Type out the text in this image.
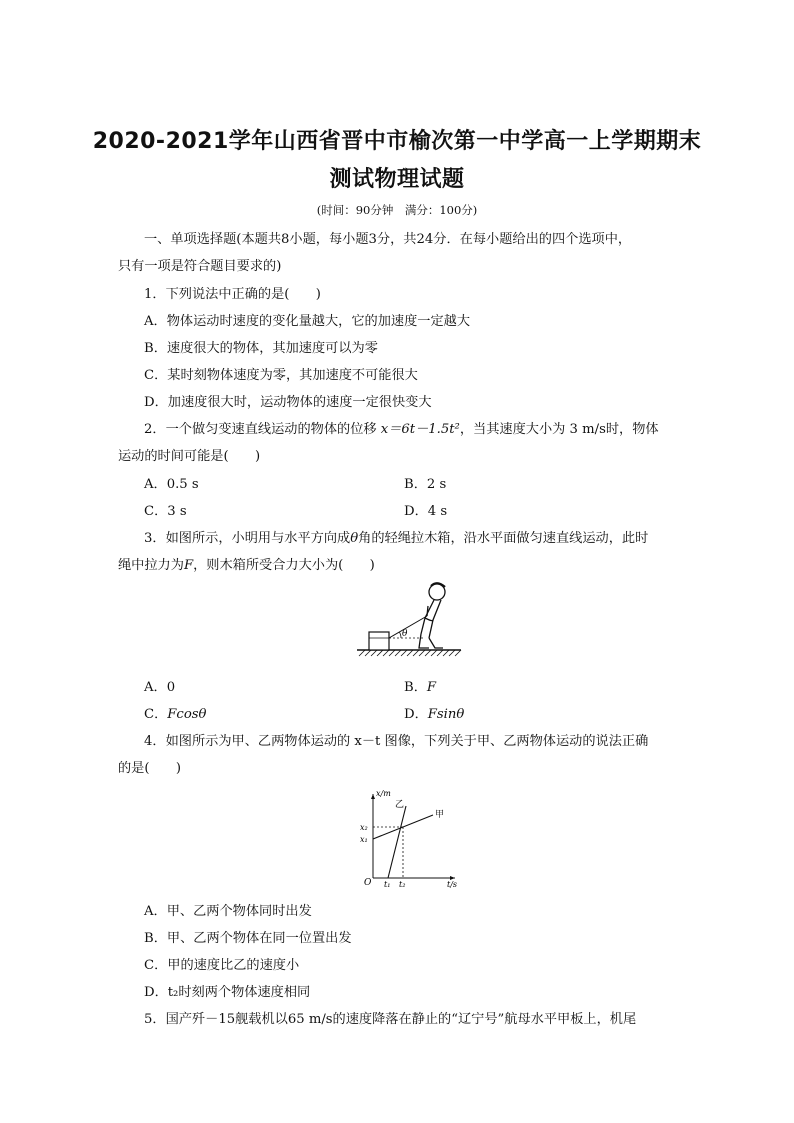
2020-2021学年山西省晋中市榆次第一中学高一上学期期末
测试物理试题
(时间：90分钟　满分：100分)
一、单项选择题(本题共8小题，每小题3分，共24分．在每小题给出的四个选项中，
只有一项是符合题目要求的)
1．下列说法中正确的是(　　)
A．物体运动时速度的变化量越大，它的加速度一定越大
B．速度很大的物体，其加速度可以为零
C．某时刻物体速度为零，其加速度不可能很大
D．加速度很大时，运动物体的速度一定很快变大
2．一个做匀变速直线运动的物体的位移 x＝6t－1.5t²，当其速度大小为 3 m/s时，物体
运动的时间可能是(　　)
A．0.5 s	B．2 s
C．3 s	D．4 s
3．如图所示，小明用与水平方向成θ角的轻绳拉木箱，沿水平面做匀速直线运动，此时
绳中拉力为F，则木箱所受合力大小为(　　)
θ
A．0	B．F
C．Fcosθ	D．Fsinθ
4．如图所示为甲、乙两物体运动的 x－t 图像，下列关于甲、乙两物体运动的说法正确
的是(　　)
x/m
t/s
O
甲
乙
x₂
x₁
t₁ t₂
A．甲、乙两个物体同时出发
B．甲、乙两个物体在同一位置出发
C．甲的速度比乙的速度小
D．t₂时刻两个物体速度相同
5．国产歼－15舰载机以65 m/s的速度降落在静止的“辽宁号”航母水平甲板上，机尾
